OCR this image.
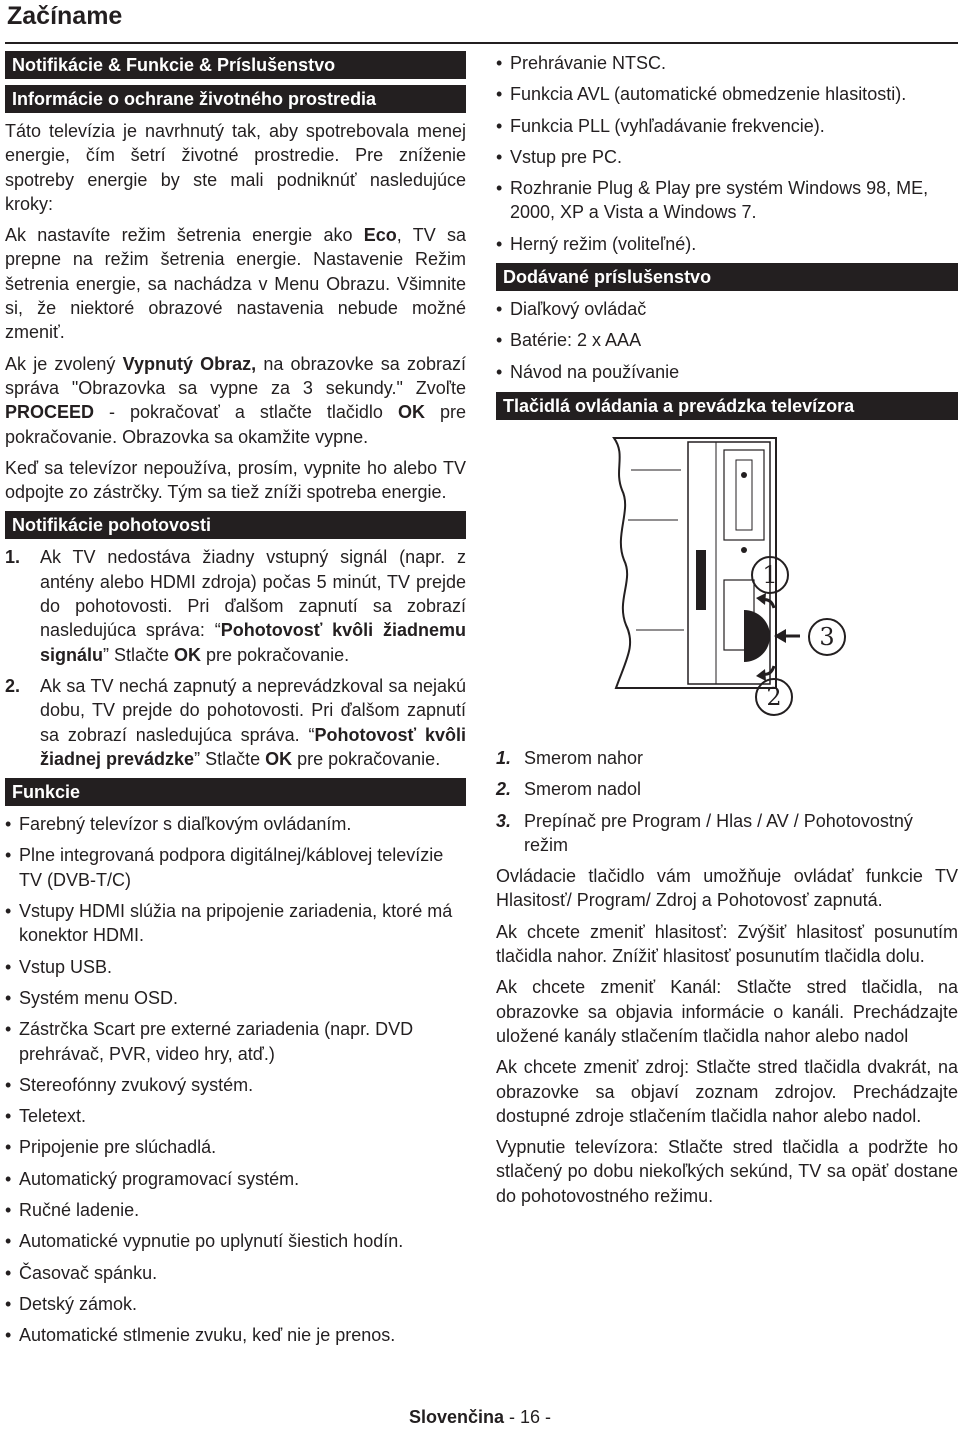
Začíname
Notifikácie & Funkcie & Príslušenstvo
Informácie o ochrane životného prostredia

Táto televízia je navrhnutý tak, aby spotrebovala menej energie, čím šetrí životné prostredie. Pre zníženie spotreby energie by ste mali podniknúť nasledujúce kroky:

Ak nastavíte režim šetrenia energie ako Eco, TV sa prepne na režim šetrenia energie. Nastavenie Režim šetrenia energie, sa nachádza v Menu Obrazu. Všimnite si, že niektoré obrazové nastavenia nebude možné zmeniť.

Ak je zvolený Vypnutý Obraz, na obrazovke sa zobrazí správa "Obrazovka sa vypne za 3 sekundy." Zvoľte PROCEED - pokračovať a stlačte tlačidlo OK pre pokračovanie. Obrazovka sa okamžite vypne.

Keď sa televízor nepoužíva, prosím, vypnite ho alebo TV odpojte zo zástrčky. Tým sa tiež zníži spotreba energie.

Notifikácie pohotovosti
1. Ak TV nedostáva žiadny vstupný signál (napr. z antény alebo HDMI zdroja) počas 5 minút, TV prejde do pohotovosti. Pri ďalšom zapnutí sa zobrazí nasledujúca správa: “Pohotovosť kvôli žiadnemu signálu” Stlačte OK pre pokračovanie.
2. Ak sa TV nechá zapnutý a neprevádzkoval sa nejakú dobu, TV prejde do pohotovosti. Pri ďalšom zapnutí sa zobrazí nasledujúca správa. “Pohotovosť kvôli žiadnej prevádzke” Stlačte OK pre pokračovanie.
Funkcie
• Farebný televízor s diaľkovým ovládaním.
• Plne integrovaná podpora digitálnej/káblovej televízie TV (DVB-T/C)
• Vstupy HDMI slúžia na pripojenie zariadenia, ktoré má konektor HDMI.
• Vstup USB.
• Systém menu OSD.
• Zástrčka Scart pre externé zariadenia (napr. DVD prehrávač, PVR, video hry, atď.)
• Stereofónny zvukový systém.
• Teletext.
• Pripojenie pre slúchadlá.
• Automatický programovací systém.
• Ručné ladenie.
• Automatické vypnutie po uplynutí šiestich hodín.
• Časovač spánku.
• Detský zámok.
• Automatické stlmenie zvuku, keď nie je prenos.
• Prehrávanie NTSC.
• Funkcia AVL (automatické obmedzenie hlasitosti).
• Funkcia PLL (vyhľadávanie frekvencie).
• Vstup pre PC.
• Rozhranie Plug & Play pre systém Windows 98, ME, 2000, XP a Vista a Windows 7.
• Herný režim (voliteľné).
Dodávané príslušenstvo
• Diaľkový ovládač
• Batérie: 2 x AAA
• Návod na používanie
Tlačidlá ovládania a prevádzka televízora
1
3
2
1. Smerom nahor
2. Smerom nadol
3. Prepínač pre Program / Hlas / AV / Pohotovostný režim

Ovládacie tlačidlo vám umožňuje ovládať funkcie TV Hlasitosť/ Program/ Zdroj a Pohotovosť zapnutá.

Ak chcete zmeniť hlasitosť: Zvýšiť hlasitosť posunutím tlačidla nahor. Znížiť hlasitosť posunutím tlačidla dolu.

Ak chcete zmeniť Kanál: Stlačte stred tlačidla, na obrazovke sa objavia informácie o kanáli. Prechádzajte uložené kanály stlačením tlačidla nahor alebo nadol

Ak chcete zmeniť zdroj: Stlačte stred tlačidla dvakrát, na obrazovke sa objaví zoznam zdrojov. Prechádzajte dostupné zdroje stlačením tlačidla nahor alebo nadol.

Vypnutie televízora: Stlačte stred tlačidla a podržte ho stlačený po dobu niekoľkých sekúnd, TV sa opäť dostane do pohotovostného režimu.

Slovenčina - 16 -
